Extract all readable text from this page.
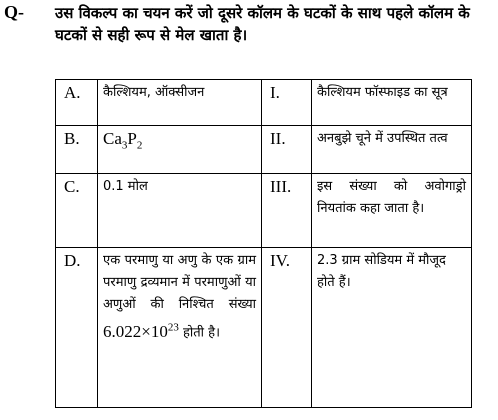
Q- उस विकल्प का चयन करें जो दूसरे कॉलम के घटकों के साथ पहले कॉलम के घटकों से सही रूप से मेल खाता है।
A.	कैल्शियम, ऑक्सीजन	I.	कैल्शियम फॉस्फाइड का सूत्र
B.	$Ca_3P_2$	II.	अनबुझे चूने में उपस्थित तत्व
C.	0.1 मोल	III.	इस संख्या को अवोगाड्रो नियतांक कहा जाता है।
D.	एक परमाणु या अणु के एक ग्राम परमाणु द्रव्यमान में परमाणुओं या अणुओं की निश्चित संख्या $6.022\times 10^{23}$ होती है।	IV.	2.3 ग्राम सोडियम में मौजूद होते हैं।
